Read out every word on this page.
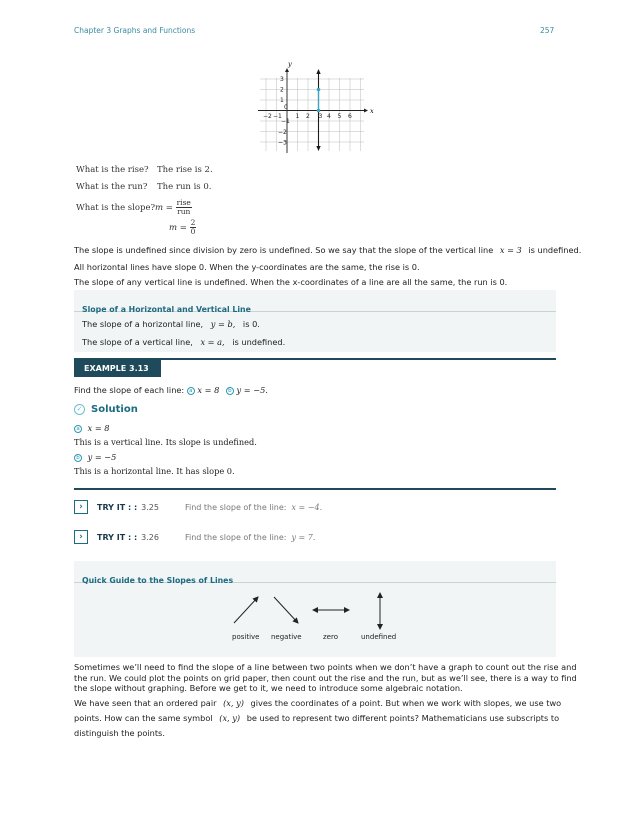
Chapter 3 Graphs and Functions	257
x
y
−2 −1
0
1 2 3 4 5 6
3
2
1
−1
−2
−3
What is the rise? The rise is 2.
What is the run? The run is 0.
What is the slope? $m = \frac{\text{rise}}{\text{run}}$
$m = \frac{2}{0}$
The slope is undefined since division by zero is undefined. So we say that the slope of the vertical line x = 3 is undefined.
All horizontal lines have slope 0. When the y-coordinates are the same, the rise is 0.
The slope of any vertical line is undefined. When the x-coordinates of a line are all the same, the run is 0.
Slope of a Horizontal and Vertical Line
The slope of a horizontal line, y = b, is 0.
The slope of a vertical line, x = a, is undefined.
EXAMPLE 3.13
Find the slope of each line: a x = 8 b y = −5.
✓ Solution
a x = 8
This is a vertical line. Its slope is undefined.
b y = −5
This is a horizontal line. It has slope 0.
›	TRY IT : : 3.25	Find the slope of the line: x = −4.
›	TRY IT : : 3.26	Find the slope of the line: y = 7.
Quick Guide to the Slopes of Lines
positive negative	zero	undefined
Sometimes we’ll need to find the slope of a line between two points when we don’t have a graph to count out the rise and
the run. We could plot the points on grid paper, then count out the rise and the run, but as we’ll see, there is a way to find
the slope without graphing. Before we get to it, we need to introduce some algebraic notation.
We have seen that an ordered pair (x, y) gives the coordinates of a point. But when we work with slopes, we use two
points. How can the same symbol (x, y) be used to represent two different points? Mathematicians use subscripts to
distinguish the points.
